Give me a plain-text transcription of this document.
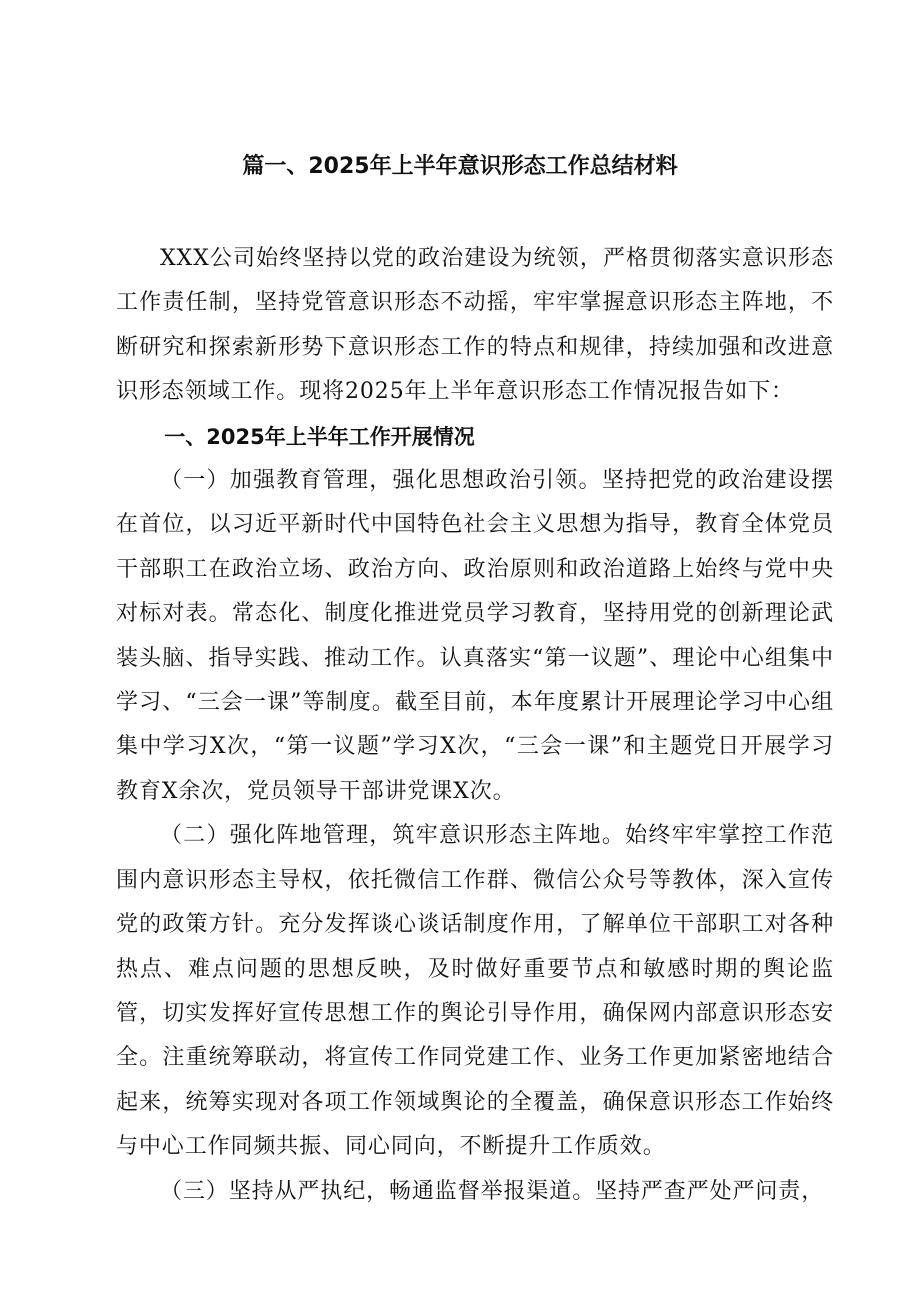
篇一、2025年上半年意识形态工作总结材料

XXX公司始终坚持以党的政治建设为统领，严格贯彻落实意识形态工作责任制，坚持党管意识形态不动摇，牢牢掌握意识形态主阵地，不断研究和探索新形势下意识形态工作的特点和规律，持续加强和改进意识形态领域工作。现将2025年上半年意识形态工作情况报告如下：

一、2025年上半年工作开展情况

（一）加强教育管理，强化思想政治引领。坚持把党的政治建设摆在首位，以习近平新时代中国特色社会主义思想为指导，教育全体党员干部职工在政治立场、政治方向、政治原则和政治道路上始终与党中央对标对表。常态化、制度化推进党员学习教育，坚持用党的创新理论武装头脑、指导实践、推动工作。认真落实“第一议题”、理论中心组集中学习、“三会一课”等制度。截至目前，本年度累计开展理论学习中心组集中学习X次，“第一议题”学习X次，“三会一课”和主题党日开展学习教育X余次，党员领导干部讲党课X次。

（二）强化阵地管理，筑牢意识形态主阵地。始终牢牢掌控工作范围内意识形态主导权，依托微信工作群、微信公众号等教体，深入宣传党的政策方针。充分发挥谈心谈话制度作用，了解单位干部职工对各种热点、难点问题的思想反映，及时做好重要节点和敏感时期的舆论监管，切实发挥好宣传思想工作的舆论引导作用，确保网内部意识形态安全。注重统筹联动，将宣传工作同党建工作、业务工作更加紧密地结合起来，统筹实现对各项工作领域舆论的全覆盖，确保意识形态工作始终与中心工作同频共振、同心同向，不断提升工作质效。

（三）坚持从严执纪，畅通监督举报渠道。坚持严查严处严问责，
